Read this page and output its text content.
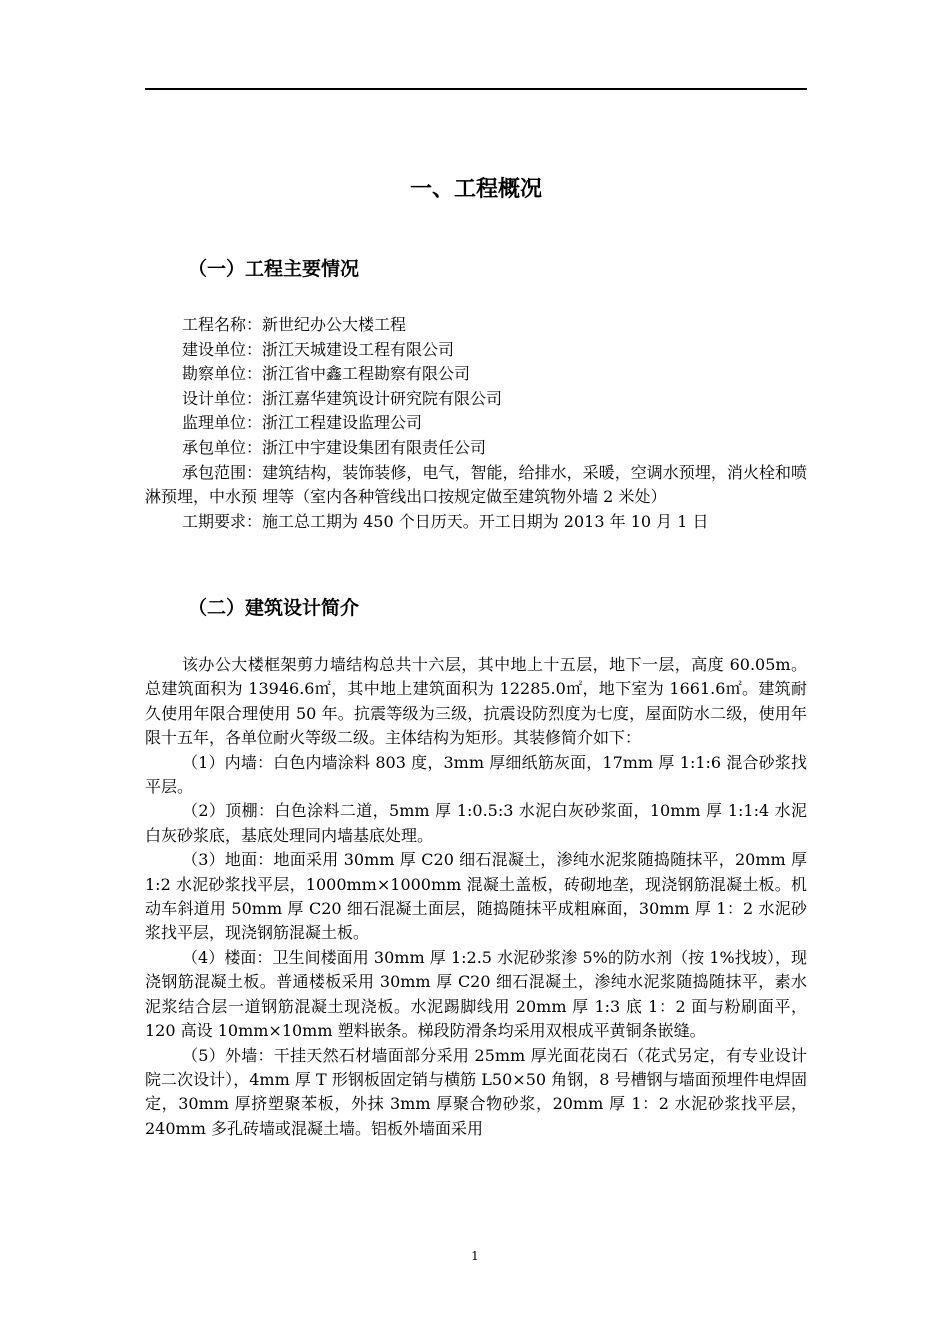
一、工程概况
（一）工程主要情况

工程名称：新世纪办公大楼工程

建设单位：浙江天城建设工程有限公司

勘察单位：浙江省中鑫工程勘察有限公司

设计单位：浙江嘉华建筑设计研究院有限公司

监理单位：浙江工程建设监理公司

承包单位：浙江中宇建设集团有限责任公司

承包范围：建筑结构，装饰装修，电气，智能，给排水，采暖，空调水预埋，消火栓和喷淋预埋，中水预 埋等（室内各种管线出口按规定做至建筑物外墙 2 米处）

工期要求：施工总工期为 450 个日历天。开工日期为 2013 年 10 月 1 日

（二）建筑设计简介

该办公大楼框架剪力墙结构总共十六层，其中地上十五层，地下一层，高度 60.05m。总建筑面积为 13946.6㎡，其中地上建筑面积为 12285.0㎡，地下室为 1661.6㎡。建筑耐久使用年限合理使用 50 年。抗震等级为三级，抗震设防烈度为七度，屋面防水二级，使用年限十五年，各单位耐火等级二级。主体结构为矩形。其装修简介如下：

（1）内墙：白色内墙涂料 803 度，3mm 厚细纸筋灰面，17mm 厚 1:1:6 混合砂浆找平层。

（2）顶棚：白色涂料二道，5mm 厚 1:0.5:3 水泥白灰砂浆面，10mm 厚 1:1:4 水泥白灰砂浆底，基底处理同内墙基底处理。

（3）地面：地面采用 30mm 厚 C20 细石混凝土，渗纯水泥浆随捣随抹平，20mm 厚 1:2 水泥砂浆找平层，1000mm×1000mm 混凝土盖板，砖砌地垄，现浇钢筋混凝土板。机动车斜道用 50mm 厚 C20 细石混凝土面层，随捣随抹平成粗麻面，30mm 厚 1：2 水泥砂浆找平层，现浇钢筋混凝土板。

（4）楼面：卫生间楼面用 30mm 厚 1:2.5 水泥砂浆渗 5%的防水剂（按 1%找坡），现浇钢筋混凝土板。普通楼板采用 30mm 厚 C20 细石混凝土，渗纯水泥浆随捣随抹平，素水泥浆结合层一道钢筋混凝土现浇板。水泥踢脚线用 20mm 厚 1:3 底 1：2 面与粉刷面平，120 高设 10mm×10mm 塑料嵌条。梯段防滑条均采用双根成平黄铜条嵌缝。

（5）外墙：干挂天然石材墙面部分采用 25mm 厚光面花岗石（花式另定，有专业设计院二次设计），4mm 厚 T 形钢板固定销与横筋 L50×50 角钢，8 号槽钢与墙面预埋件电焊固定，30mm 厚挤塑聚苯板，外抹 3mm 厚聚合物砂浆，20mm 厚 1：2 水泥砂浆找平层，240mm 多孔砖墙或混凝土墙。铝板外墙面采用

1
